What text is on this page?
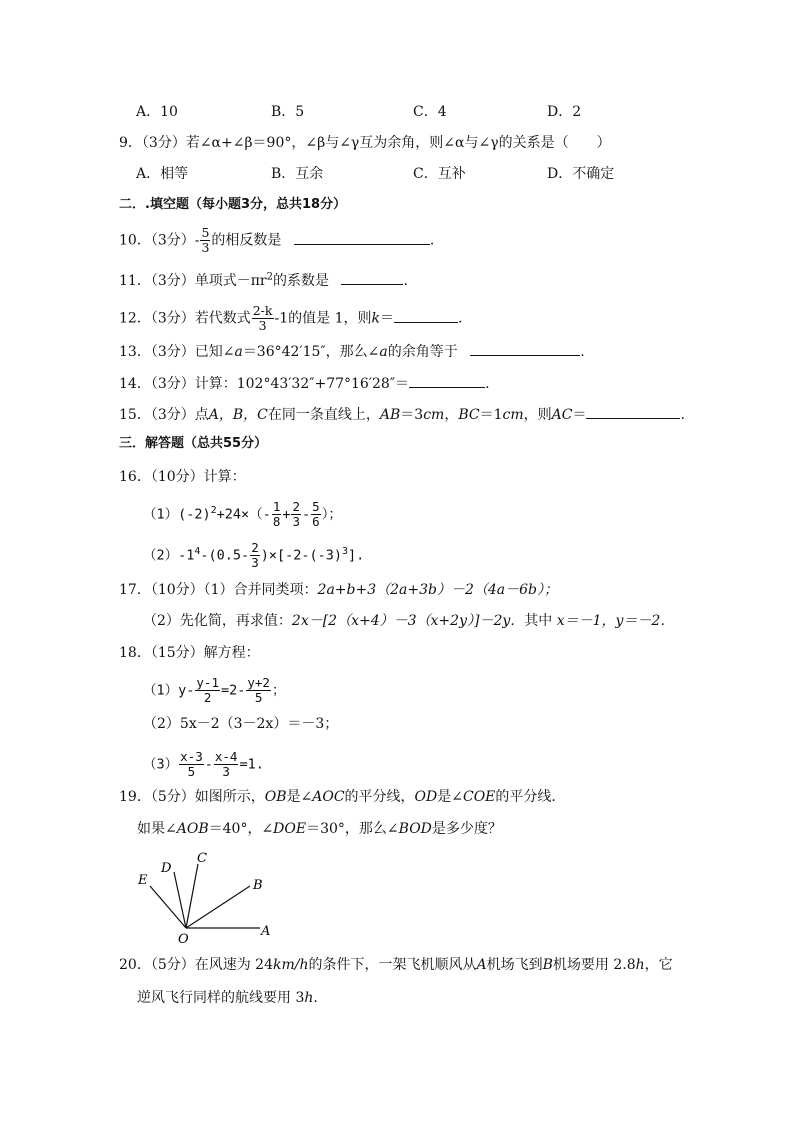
A．10	B．5	C．4	D．2
9．（3分）若∠α+∠β＝90°，∠β与∠γ互为余角，则∠α与∠γ的关系是（　　）
A．相等	B．互余	C．互补	D．不确定
二．.填空题（每小题3分，总共18分）
10．（3分）- $\frac{5}{3}$ 的相反数是	.
11．（3分）单项式$-\pi r^2$的系数是	.
12．（3分）若代数式 $\frac{2-k}{3} -1$的值是 1，则k＝	.
13．（3分）已知∠a＝36°42′15″，那么∠a的余角等于	.
14．（3分）计算：102°43′32″+77°16′28″＝	.
15．（3分）点A，B，C在同一条直线上，AB＝3cm，BC＝1cm，则AC＝	.
三．解答题（总共55分）
16．（10分）计算：
$(1)(-2)^2+24\times(- \frac{1}{8} + \frac{2}{3} - \frac{5}{6}$ ）；
$(2)-1^4-(0.5- \frac{2}{3} )\times[-2-(-3)^3]$.
17．（10分）（1）合并同类项：2a+b+3（2a+3b）－2（4a－6b）；
（2）先化简，再求值：2x－[2（x+4）－3（x+2y）]－2y．其中 x＝－1，y＝－2．
18．（15分）解方程：
$(1)y- \frac{y-1}{2} =2- \frac{y+2}{5}$ ；
（2）5x－2（3－2x）＝－3；
$(3) \frac{x-3}{5} - \frac{x-4}{3} =1$.
19．（5分）如图所示，OB是∠AOC的平分线，OD是∠COE的平分线．
如果∠AOB＝40°，∠DOE＝30°，那么∠BOD是多少度？
E
D
C
B
O
A
20．（5分）在风速为 24km/h的条件下，一架飞机顺风从A机场飞到B机场要用 2.8h，它
逆风飞行同样的航线要用 3h.
